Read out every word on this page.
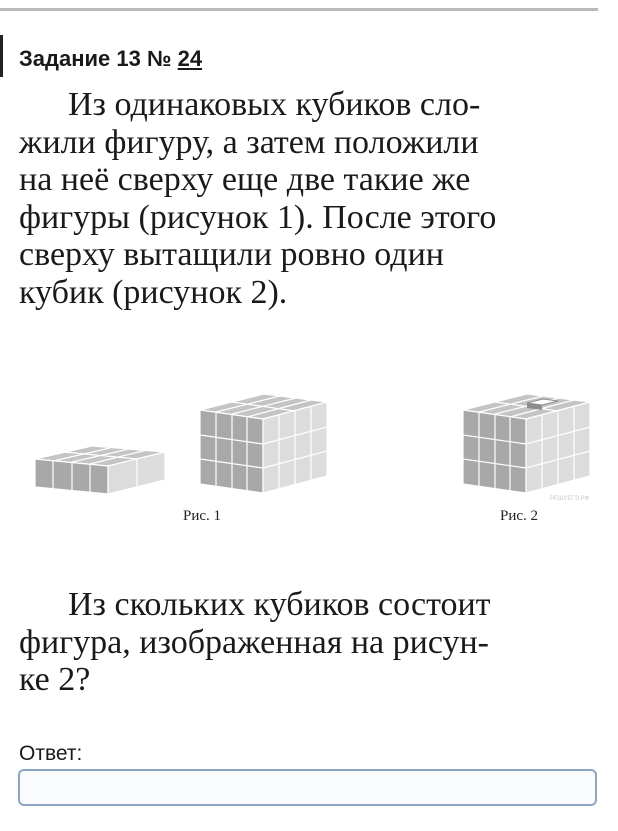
Задание 13 № 24

Из одинаковых кубиков сло-
жили фигуру, а затем положили
на неё сверху еще две такие же
фигуры (рисунок 1). После этого
сверху вытащили ровно один
кубик (рисунок 2).

Рис. 1	Рис. 2
РЕШУЕГЭ.РФ

Из скольких кубиков состоит
фигура, изображенная на рисун-
ке 2?

Ответ:
